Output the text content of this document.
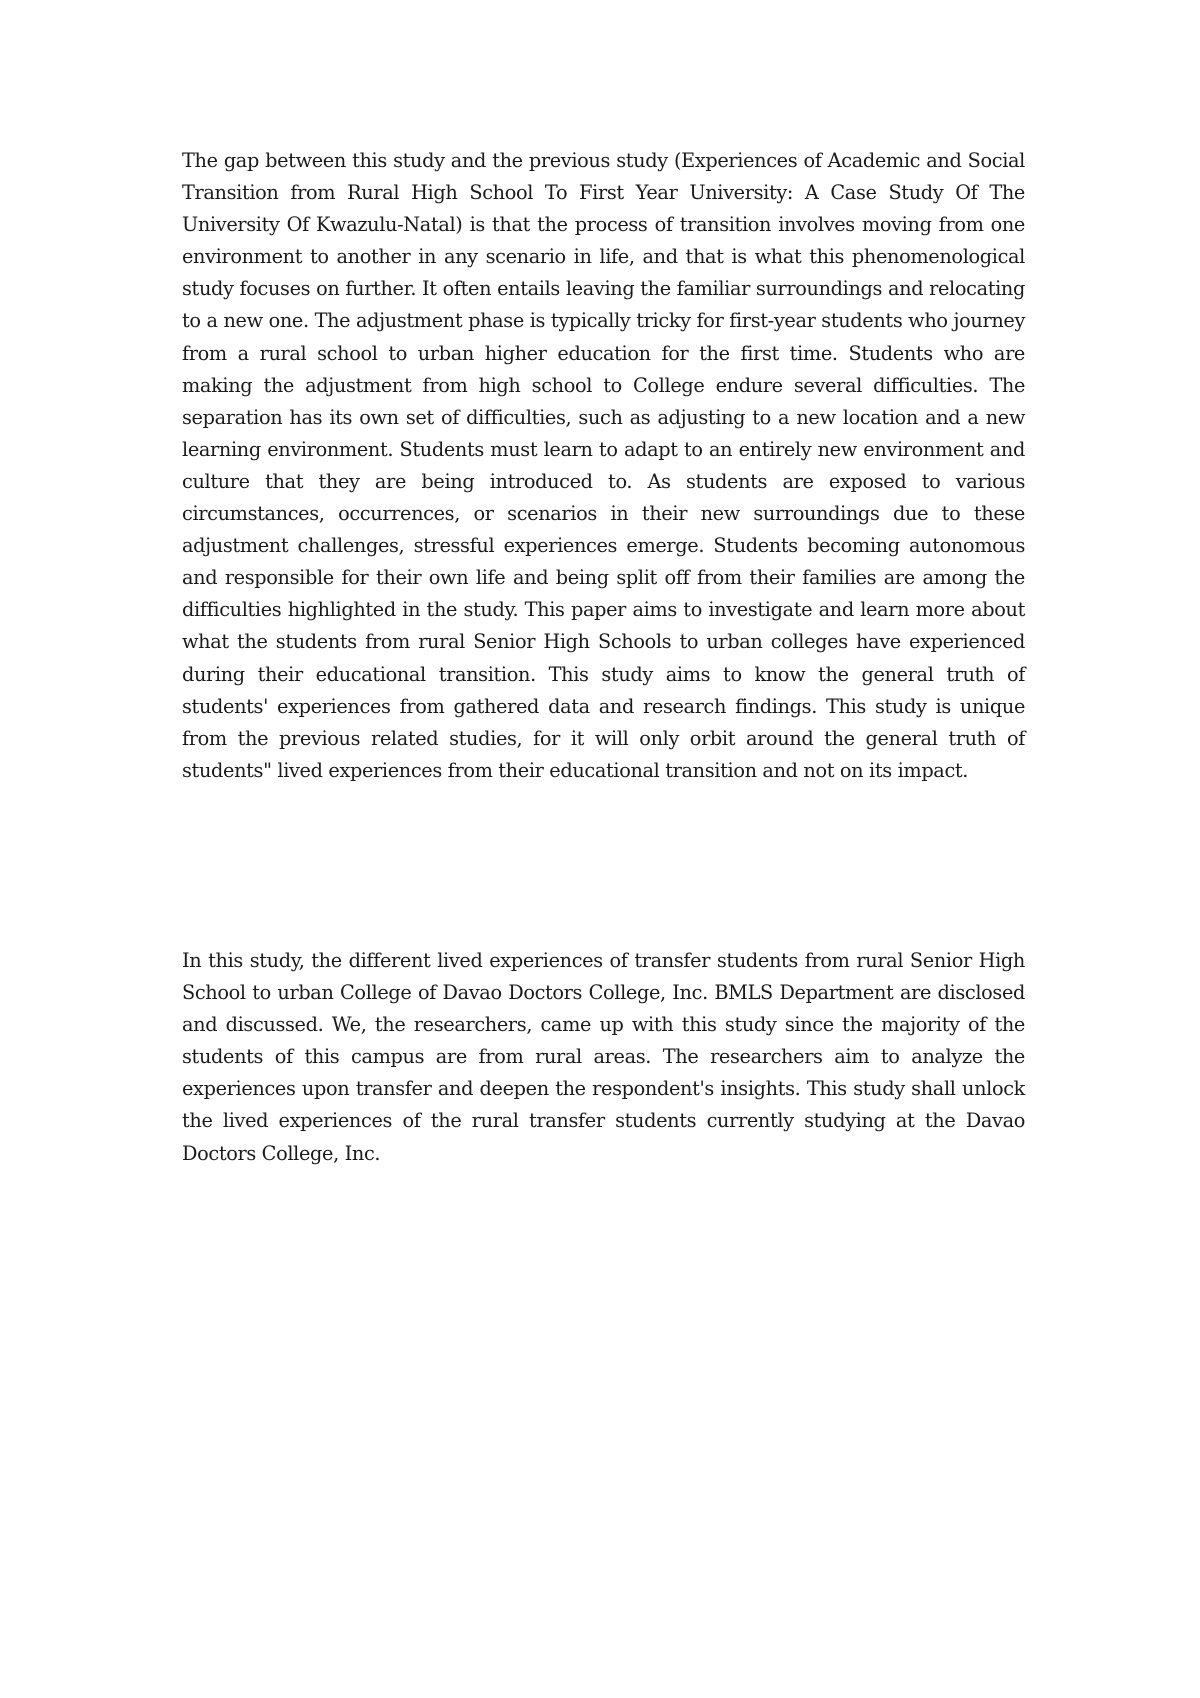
The gap between this study and the previous study (Experiences of Academic and Social Transition from Rural High School To First Year University: A Case Study Of The University Of Kwazulu-Natal) is that the process of transition involves moving from one environment to another in any scenario in life, and that is what this phenomenological study focuses on further. It often entails leaving the familiar surroundings and relocating to a new one. The adjustment phase is typically tricky for first-year students who journey from a rural school to urban higher education for the first time. Students who are making the adjustment from high school to College endure several difficulties. The separation has its own set of difficulties, such as adjusting to a new location and a new learning environment. Students must learn to adapt to an entirely new environment and culture that they are being introduced to. As students are exposed to various circumstances, occurrences, or scenarios in their new surroundings due to these adjustment challenges, stressful experiences emerge. Students becoming autonomous and responsible for their own life and being split off from their families are among the difficulties highlighted in the study. This paper aims to investigate and learn more about what the students from rural Senior High Schools to urban colleges have experienced during their educational transition. This study aims to know the general truth of students' experiences from gathered data and research findings. This study is unique from the previous related studies, for it will only orbit around the general truth of students" lived experiences from their educational transition and not on its impact.

In this study, the different lived experiences of transfer students from rural Senior High School to urban College of Davao Doctors College, Inc. BMLS Department are disclosed and discussed. We, the researchers, came up with this study since the majority of the students of this campus are from rural areas. The researchers aim to analyze the experiences upon transfer and deepen the respondent's insights. This study shall unlock the lived experiences of the rural transfer students currently studying at the Davao Doctors College, Inc.
